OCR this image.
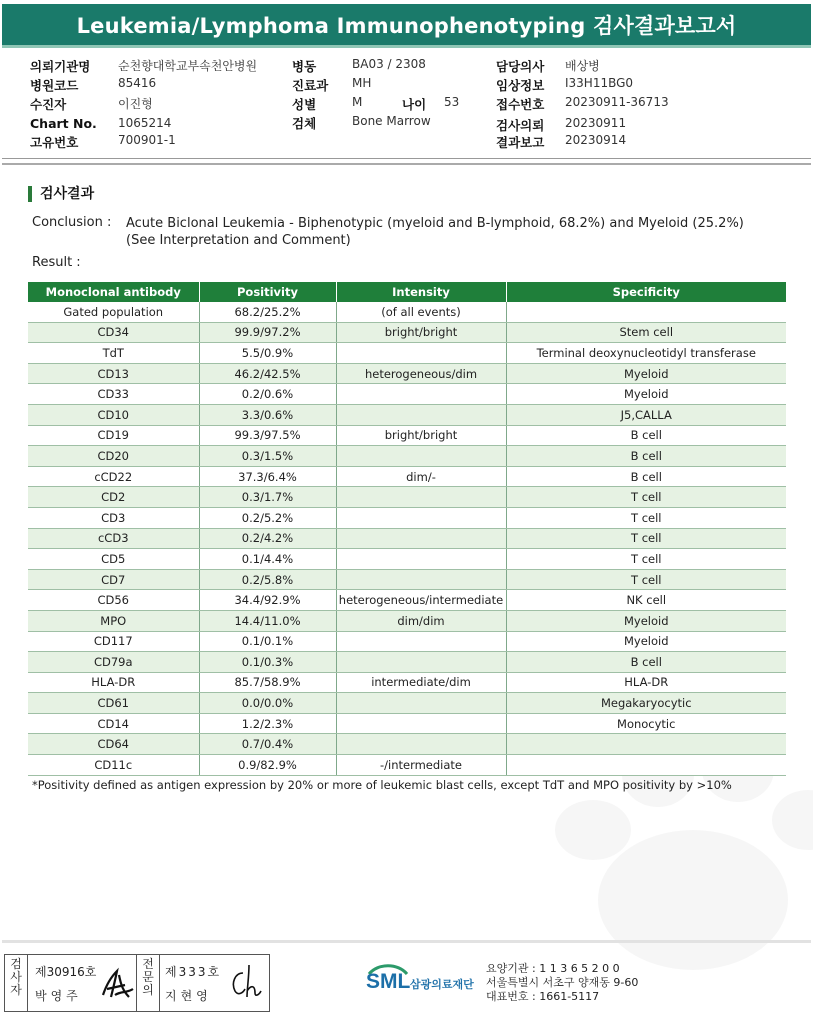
Leukemia/Lymphoma Immunophenotyping 검사결과보고서
의뢰기관명 순천향대학교부속천안병원
병원코드	85416
수진자	이진형
Chart No. 1065214
고유번호	700901-1
병동	BA03 / 2308
진료과 MH
성별	M	나이 53
검체	Bone Marrow
담당의사 배상병
임상정보 I33H11BG0
접수번호 20230911-36713
검사의뢰 20230911
결과보고 20230914
검사결과
Conclusion : Acute Biclonal Leukemia - Biphenotypic (myeloid and B-lymphoid, 68.2%) and Myeloid (25.2%)
(See Interpretation and Comment)
Result :
Monoclonal antibody	Positivity	Intensity	Specificity
Gated population	68.2/25.2%	(of all events)	
CD34	99.9/97.2%	bright/bright	Stem cell
TdT	5.5/0.9%		Terminal deoxynucleotidyl transferase
CD13	46.2/42.5%	heterogeneous/dim	Myeloid
CD33	0.2/0.6%		Myeloid
CD10	3.3/0.6%		J5,CALLA
CD19	99.3/97.5%	bright/bright	B cell
CD20	0.3/1.5%		B cell
cCD22	37.3/6.4%	dim/-	B cell
CD2	0.3/1.7%		T cell
CD3	0.2/5.2%		T cell
cCD3	0.2/4.2%		T cell
CD5	0.1/4.4%		T cell
CD7	0.2/5.8%		T cell
CD56	34.4/92.9%	heterogeneous/intermediate	NK cell
MPO	14.4/11.0%	dim/dim	Myeloid
CD117	0.1/0.1%		Myeloid
CD79a	0.1/0.3%		B cell
HLA-DR	85.7/58.9%	intermediate/dim	HLA-DR
CD61	0.0/0.0%		Megakaryocytic
CD14	1.2/2.3%		Monocytic
CD64	0.7/0.4%		
CD11c	0.9/82.9%	-/intermediate	
*Positivity defined as antigen expression by 20% or more of leukemic blast cells, except TdT and MPO positivity by >10%
검사자
제30916호
박영주
전문의
제333호
지현영
SML 삼광의료재단
요양기관 : 1 1 3 6 5 2 0 0
서울특별시 서초구 양재동 9-60
대표번호 : 1661-5117
